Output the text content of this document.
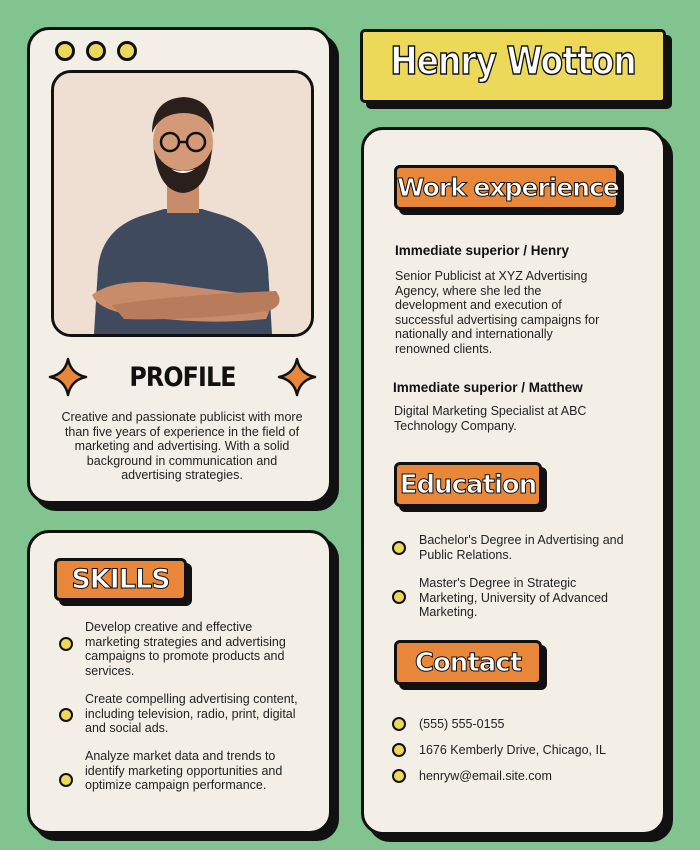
PROFILE
Creative and passionate publicist with more than five years of experience in the field of marketing and advertising. With a solid background in communication and advertising strategies.
SKILLS
Develop creative and effective marketing strategies and advertising campaigns to promote products and services.
Create compelling advertising content, including television, radio, print, digital and social ads.
Analyze market data and trends to identify marketing opportunities and optimize campaign performance.
Henry Wotton
Work experience
Immediate superior / Henry
Senior Publicist at XYZ Advertising Agency, where she led the development and execution of successful advertising campaigns for nationally and internationally renowned clients.
Immediate superior / Matthew
Digital Marketing Specialist at ABC Technology Company.
Education
Bachelor's Degree in Advertising and Public Relations.
Master's Degree in Strategic Marketing, University of Advanced Marketing.
Contact
(555) 555-0155
1676 Kemberly Drive, Chicago, IL
henryw@email.site.com
